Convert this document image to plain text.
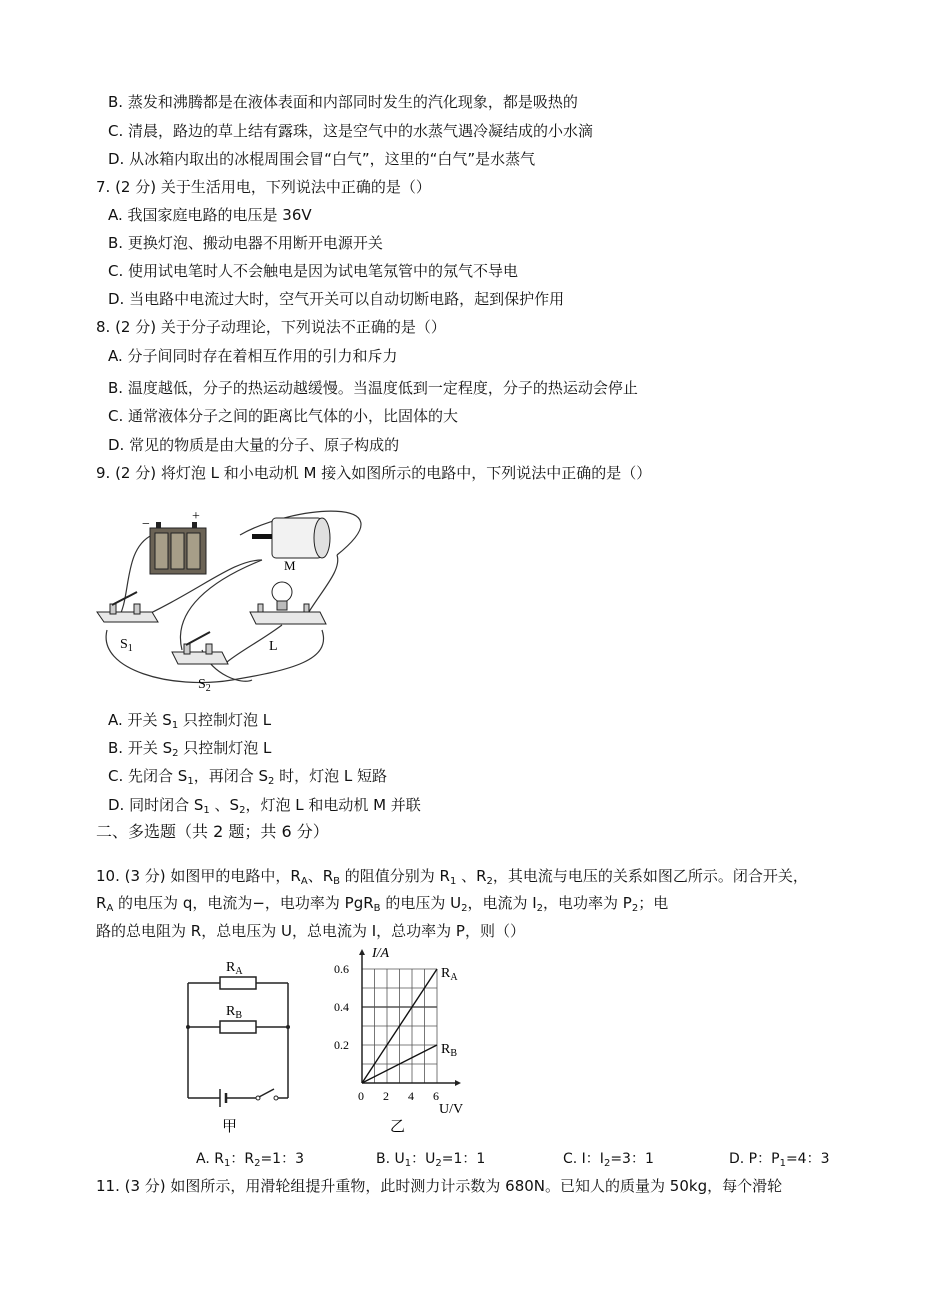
B. 蒸发和沸腾都是在液体表面和内部同时发生的汽化现象，都是吸热的
C. 清晨，路边的草上结有露珠，这是空气中的水蒸气遇冷凝结成的小水滴
D. 从冰箱内取出的冰棍周围会冒“白气”，这里的“白气”是水蒸气
7. (2 分) 关于生活用电，下列说法中正确的是（）
A. 我国家庭电路的电压是 36V
B. 更换灯泡、搬动电器不用断开电源开关
C. 使用试电笔时人不会触电是因为试电笔氖管中的氖气不导电
D. 当电路中电流过大时，空气开关可以自动切断电路，起到保护作用
8. (2 分) 关于分子动理论，下列说法不正确的是（）
A. 分子间同时存在着相互作用的引力和斥力
B. 温度越低，分子的热运动越缓慢。当温度低到一定程度，分子的热运动会停止
C. 通常液体分子之间的距离比气体的小，比固体的大
D. 常见的物质是由大量的分子、原子构成的
9. (2 分) 将灯泡 L 和小电动机 M 接入如图所示的电路中，下列说法中正确的是（）
−
+
M
$S_1$
$S_2$
L
A. 开关 $S_1$ 只控制灯泡 L
B. 开关 $S_2$ 只控制灯泡 L
C. 先闭合 $S_1$，再闭合 $S_2$ 时，灯泡 L 短路
D. 同时闭合 $S_1$ 、$S_2$，灯泡 L 和电动机 M 并联
二、多选题（共 2 题；共 6 分）
10. (3 分) 如图甲的电路中，$R_A$、$R_B$ 的阻值分别为 $R_1$ 、$R_2$，其电流与电压的关系如图乙所示。闭合开关，
$R_A$ 的电压为 q，电流为−，电功率为 PgR$_B$ 的电压为 $U_2$，电流为 $I_2$，电功率为 $P_2$；电
路的总电阻为 R，总电压为 U，总电流为 I，总功率为 P，则（）
$R_A$
$R_B$
甲
0 2 4 6
0.2
0.4
0.6
I/A
U/V
$R_A$
$R_B$
乙
A. $R_1$：$R_2=1$：3	B. $U_1$：$U_2=1$：1	C. I：$I_2=3$：1	D. P：$P_1=4$：3
11. (3 分) 如图所示，用滑轮组提升重物，此时测力计示数为 680N。已知人的质量为 50kg，每个滑轮
